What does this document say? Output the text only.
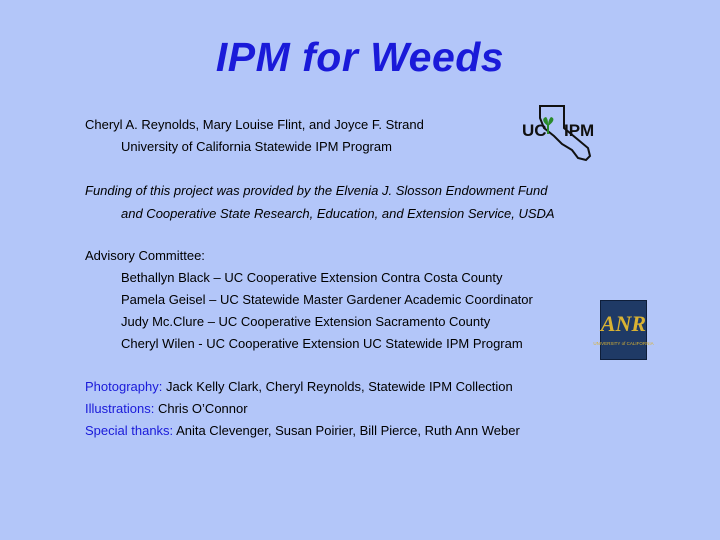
IPM for Weeds
Cheryl A. Reynolds, Mary Louise Flint, and Joyce F. Strand
University of California Statewide IPM Program
UC IPM
Funding of this project was provided by the Elvenia J. Slosson Endowment Fund
and Cooperative State Research, Education, and Extension Service, USDA
Advisory Committee:
Bethallyn Black – UC Cooperative Extension Contra Costa County
Pamela Geisel – UC Statewide Master Gardener Academic Coordinator
Judy Mc.Clure – UC Cooperative Extension Sacramento County
Cheryl Wilen - UC Cooperative Extension UC Statewide IPM Program
ANR
UNIVERSITY of CALIFORNIA
Photography: Jack Kelly Clark, Cheryl Reynolds, Statewide IPM Collection
Illustrations: Chris O’Connor
Special thanks: Anita Clevenger, Susan Poirier, Bill Pierce, Ruth Ann Weber
